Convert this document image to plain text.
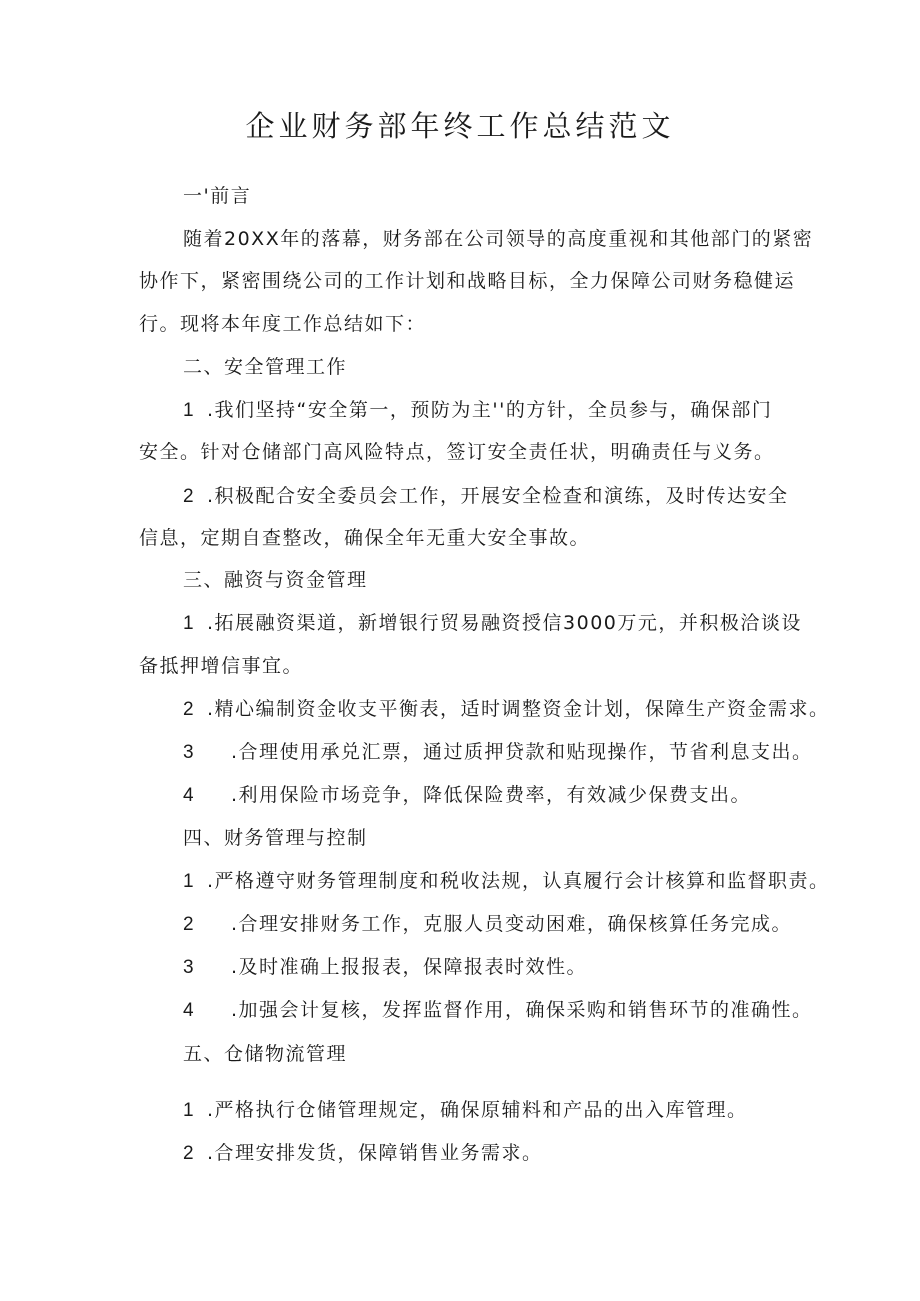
企业财务部年终工作总结范文
一'前言
随着20XX年的落幕，财务部在公司领导的高度重视和其他部门的紧密
协作下，紧密围绕公司的工作计划和战略目标，全力保障公司财务稳健运
行。现将本年度工作总结如下：
二、安全管理工作
1 .我们坚持“安全第一，预防为主''的方针，全员参与，确保部门
安全。针对仓储部门高风险特点，签订安全责任状，明确责任与义务。
2 .积极配合安全委员会工作，开展安全检查和演练，及时传达安全
信息，定期自查整改，确保全年无重大安全事故。
三、融资与资金管理
1 .拓展融资渠道，新增银行贸易融资授信3000万元，并积极洽谈设
备抵押增信事宜。
2 .精心编制资金收支平衡表，适时调整资金计划，保障生产资金需求。
3 .合理使用承兑汇票，通过质押贷款和贴现操作，节省利息支出。
4 .利用保险市场竞争，降低保险费率，有效减少保费支出。
四、财务管理与控制
1 .严格遵守财务管理制度和税收法规，认真履行会计核算和监督职责。
2 .合理安排财务工作，克服人员变动困难，确保核算任务完成。
3 .及时准确上报报表，保障报表时效性。
4 .加强会计复核，发挥监督作用，确保采购和销售环节的准确性。
五、仓储物流管理
1 .严格执行仓储管理规定，确保原辅料和产品的出入库管理。
2 .合理安排发货，保障销售业务需求。
